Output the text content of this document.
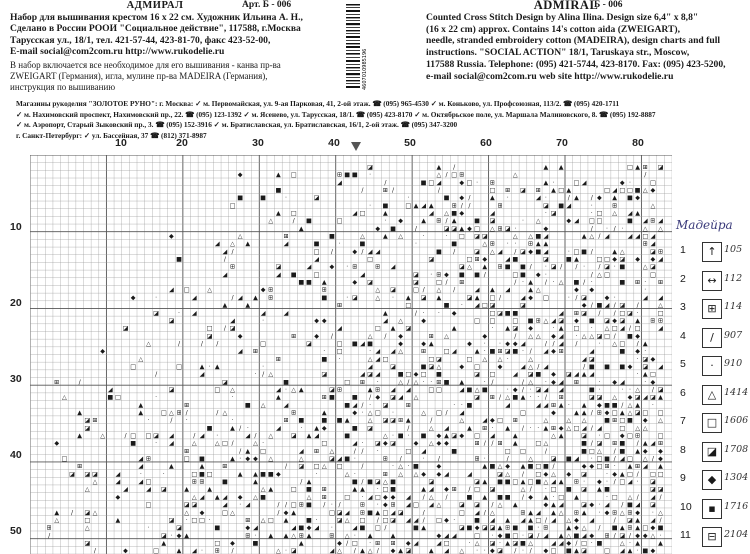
АДМИРАЛ	Арт. Б - 006
Набор для вышивания крестом 16 х 22 см. Художник Ильина А. Н.,
Сделано в России РООИ "Социальное действие", 117588, г.Москва
Тарусская ул., 18/1, тел. 421-57-44, 423-81-70, факс 423-52-00,
E-mail social@com2com.ru http://www.rukodelie.ru
В набор включается все необходимое для его вышивания - канва пр-ва
ZWEIGART (Германия), игла, мулине пр-ва MADEIRA (Германия),
инструкция по вышиванию	4607010985196
ADMIRAL
Б - 006
Counted Cross Stitch Design by Alina Ilina. Design size 6,4" x 8,8"
(16 x 22 cm) approx. Contains 14's cotton aida (ZWEIGART),
needle, stranded embroidery cotton (MADEIRA), design charts and full
instructions. "SOCIAL ACTION" 18/1, Taruskaya str., Moscow,
117588 Russia. Telephone: (095) 421-5744, 423-8170. Fax: (095) 423-5200,
e-mail social@com2com.ru web site http://www.rukodelie.ru
Магазины рукоделия "ЗОЛОТОЕ РУНО": г. Москва: ✓ м. Первомайская, ул. 9-ая Парковая, 41, 2-ой этаж. ☎ (095) 965-4530 ✓ м. Коньково, ул. Профсоюзная, 113/2. ☎ (095) 420-1711
✓ м. Нахимовский проспект, Нахимовский пр., 22. ☎ (095) 123-1392 ✓ м. Ясенево, ул. Тарусская, 18/1. ☎ (095) 423-8170 ✓ м. Октябрьское поле, ул. Маршала Малиновского, 8. ☎ (095) 192-8887
✓ м. Аэропорт, Старый Зыковский пр., 3. ☎ (095) 152-3916 ✓ м. Братиславская, ул. Братиславская, 16/1, 2-ой этаж. ☎ (095) 347-3200
г. Санкт-Петербург: ✓ ул. Бассейная, 37 ☎ (812) 371-8987
10	20	30	40	50	60	70	80
10
20
30
40
50
◪	▲ /	▲ ▲	□ ▲ ⊞ ◪
◆	▲ □	⊞ ■ ■ ·	△ / □ ⊞	△	/
◢	/	■ □ ◢	◆ □ · ⊞	▲ ·	□ ◢	◆ ·	□
■	/	⊞ /	/	□ ⊞ ◪ ⊞ ▲ □ ▲	□ ◢ □ □ ■ △ ◆
■	■	·	◪	·	■ ◆ /	▲ ·	◢ ·	/ ▲ / ◆ ▲ ■ ◆
□	· ■	□ ▲ ◢ ▲	⊞ / /	⊞	◪ ■ ◢	·	⊞	△
▲ □	◢ □	▲	◢ △ ■ ◆	◢	· ◪	· □ △ ◢ ▲
△	/ ■	□	· ◆	▲ ⊞ / ▲	■ ◪	· △	◆ ◢ □ □	■ ◢ ⊞ ◢
▲	◆ ■	/	◪ ◪ ▲ ◆ □ △ ⊞ ◪ ·	◆	/ · / ·	△ △
◆	△	⊞	■	△	▲ △	·	· □ ◪ ◪	△ △ ■ ◢	▲ △ / ◢	◢ ◢ □ ◢
◢ △ ▲	◢	■	·	■	·	■	△ ⊞ · · ⊞ ▲ ▲	⊞ ◢
◢ /	□ /	◆ / ◢ ◢	■ /	◪ △ ◢ / ◪ ◆ ■ ◢	· □ ■ /	▲ △	◪ ⊞
■	/	◢	□	◪	□ ⊞ ◆	◢ ■	◪	■ ▲	□ □ ◆ ◪ ◆ ◆ ◢
⊞	◪	◢	◆ · ⊞	⊞ ◢	◪ △ ▲ ⊞ ■ ■ / · ◪ / / · / ◪ · ■	△ ◪
◢	◢ ■	□	◢	◪ · ⊞ ◆ ■ ■ /	□ ■ ◆ ·	/ △ □	□
■ ■ ▲	◆ ◪	◪	□ / ⊞	/ · ▲ / · △ ■ / ·	■ ⊞ · ⊞
◢ □	△	◆ ⊞	⊞	△ ◪	□ / △ /	◢ ▲ ◢	▲ △	◆ ◆	·
◆	·	◢	/ ◢ ▲ ⊞	■	· ◪	△ · ▲ ◪ ▲	◪ ▲ □ /	◢ ◆ □	· / ◪	◆ ·	◢ ◢
▲	▲	⊞	□	■ · ◢ □ ◪	◪	◆ / ■ ◢ / ◪ /	△
◪	· ◢	◢	◢	▲	/ · · ◆	□ ◪ ■ ■	◢ ⊞ ◪ / / □ ◪ ·	□
◪	◢	·	◆ ◆	◢ △	◆	□ □	□ ■ ⊞ △ ◢ ◪ ◆ ■ ◪ ◆ ◪ ▲ ⊞ ⊞
◪	□ / ◪	◢	□ ▲ ◪	▲	· ▲ ◪ ◆	· ▲ □ · △ □ ◢ / □	◢
◪	◆	⊞	◆ /	△ / ◆	⊞ △	◆	/ △ △ ◆ ◢ · △ △ ◪ □ / ■ ◆
△	/	/ /	□	◪	□ ■ ◢ ■	◆	◆ ▲	◆ · · ◆ ◆ ◢	/ / ◢ /	· △ □ / ▲
◆	◢ ⊞	· □	· ◢ ◢ △	⊞	□ ◢	▲ · ■ ⊞ ◪ ■ · / ◢ ◆ ⊞	◢	■ ◆ ·
△	⊞	■ ·	△ ◢ □	□ ◪	□ △ △ ·	△	◢ ◪	· ◪ ◆
□	□	▲ · ▲	·	◢	◪	■ ◪ △	◆ □	◆	◢ △ / ◢	/ ■ ■ ■ ◆ ◪ ◢
/	◢	· / △	◪	◢ ◪ ◢	■ □ ◆ □ ■	◪ □	◢ ◪ ■ ◆ ◪ ◢ ▲ ◢	· ▲ □
⊞	/	◪	■	□ ⊞ ·	△ / △ · · ⊞ ■ ▲	· /	/ △ · ◆ ◢ ⊞	· ◆ ◢	· ◆
◢	◪	□ △	◢ · △ ▲	◪ ⊞	▲ ⊞ ◢ ◢	□ □	◢ ■ △ ■	· ◆ / · ◪ ◢ ◢	■ ·	· · △ / ◪
△	■ □	·	·	▲	⊞ ■	■ / ◆ ◪ ◢ △	◪ ⊞ / △ ■ ▲ · · / ⊞	◪ ◪ △ ◆ ◪ ◢ ◪ ▲
▲	⊞	■ △	◢	■ ◢ / · ◪	⊞	· · ■	◢	◢ ◢ ⊞ ▲ · ▲ ◆ ■ ■ / △ ▲ ·
▲	▲	□ △ ⊞ /	/ △	⊞	▲	◆ · △ □ ·	△ □ / ◢	□	◆	▲ ▲ / ⊞ ◆ □ ▲ △ ◪ □ □
◪ ⊞	·	/ ·	·	⊞ ■	■ ■ ▲	△ ◪ ◪ ⊞ ▲	/	△	◢ ◆ □ ⊞	△	△ △	■ ⊞ □ ■ ◆ △
◪	■	▲ / ·	◢	· ▲ ◆	■ ◪	/	△ ◢	▲ ⊞ · ▲ / · · ▲ ⊞ ◆ △ □ ◢ / ◢	□ △ △
▲	△	/ □ □ ◪ ◢	/ ◢ ·	◢ / △	◪ ▲ ◢	■	△ · ■ · ■ ◆ ▲ ◪ ◆ □ ◢	▲	△ ▲	◪ · □ ◆ □ ⊞	□
◆	■	· ◢	△	△ □ /	△ ·	□	◢ · ◪ ◆ ◪	◆ △ ◆ ◆	⊞ / / ⊞ ▲	□ △	■ / ◪ ⊞ ■ / ▲ ◢ ⊞
⊞	/ ▲ □	◢ ⊞ △	/ / ·	□ ◢	■	□ □	/	■ □ △ / ■ ▲ ◆ ◆
□	◢ ⊞	□ ■	▲ · ◆ ◆ △	△	◪ ◢ ■ ·	⊞ /	· /	⊞ ·	/	△	◪ ■ ◢ · □ ■ / ◢ □ △ / ◆
⊞	◢	▲	▲	⊞	/ ◪ □ △ □	/	· △ · ■	◆	▲ ■ △ ◆ ▲ ■ □ ■ /	◆ ◆ □ ⊞ · ▲ ⊞ ◢ ▲
◪ ◪ ◪	◢	·	·	□ ■ □	▲ ▲ ■ ■ ◆	·	△ ·	⊞ △ △ ◆ ◆ ◢	◢	◪ △ / □ ◆ △ ◆ ◪	· ◆ ▲ □ / □ □
△	◢	◢ □	⊞ ⊞	■	▲	/ ▲	■ / ■ ◪ △ ■	◪	◪ ▲ ■ ■ □ ▲ □ ■ △ ◢ ▲ ⊞ · ◆ · / □ ◢ · ◪
△	◢	◢ ◪	▲	▲	△ ▲	□ ■ ⊞	▲ ▲ · □ ■	▲ ◢ ◆ ⊞ / □ ◪	△ / · □ ■ ◪ ▲ ■	◪ ◪
◆	△ ◢ ▲ ◢ ◆ △ ■	△ ⊞	□ · ◢ □ ◆ ◆ ◢ / △ /	■ ▲ ■ ■ / ◆ ▲ · □ ▲	· □ △ / ◢ /
□	◪ ◪	◢ · ◢	/ / □ ⊞ ■ / · /	⊞ · ◆ ⊞ ◢ □ ◢ △	◪ ◪ / △ ▲	◆ ▲ ◢	◪ ◆ · ◢ / ■ ◢ ◪
▲ / ◪ △	△ ◆	□ △	/ ◆ ▲	□ ◪ ◢ ⊞ ■ ▲ □ ◢ ◪	/	□ ◢ / △	⊞ ▲ ◢ ▲ △ ⊞ ▲ · ◆ ⊞ △ ⊞ ◆ · △
△	□	▲	◪ · □ □ ·	⊞ △ □ ▲	■ ·	◪ △ □ / □ ◪ ◢ ◢ / □ ◆ ·	■ ◢ ▲ ◢ ▲ □ / ◢ △ ◆ ◢	/ ◪ ▲ ◢ /
⊞	△	·	◪	■	◆ ◢	◢ ■ ◆ ◢ ·	◢ ■ □ /	■ ▲	◪ ■ ◆ ◪ ◪ ▲ ⊞ ■ ■ · ⊞	▲ ◆ △ / ■ ▲ ⊞ ▲ □ ◆ ■
/	◪ · ◆ ▲	⊞ · ▲ ▲ △ ⊞ ▲	⊞ △ · ▲	▲	◆ ◢ ◢	□ · ◆ ■ □ · ◪ / ◢ ▲ △ ■ ◢ ◆ ⊞ / ◪ / ◆ ◆ △ ·
◪	▲	□ ◆	■	▲	◆ / □ · ⊞ ⊞ ◆ ◢	◢ □	· △ ◪ · ▲ ◪ ■ △	◢ ◢ ◆ / □ · ■	△ · ▲	▲
/	◆	□	▲ ◢ · ⊞ /	△ · ◪	◢ △ / ▲ △ / ◆ ▲ ◪	▲ ◢ △ · · ◆ ◪ / · / ◆ □ ■ ▲ ◪	□ ◢ ▲ · ■ ◆
Мадейра
1	↑ 105
2	↔ 112
3	⊞ 114
4	/	907
5	·	910
6	△ 1414
7	□ 1606
8	◪ 1708
9	◆ 1304
10	▪ 1716
11	⊟ 2104
